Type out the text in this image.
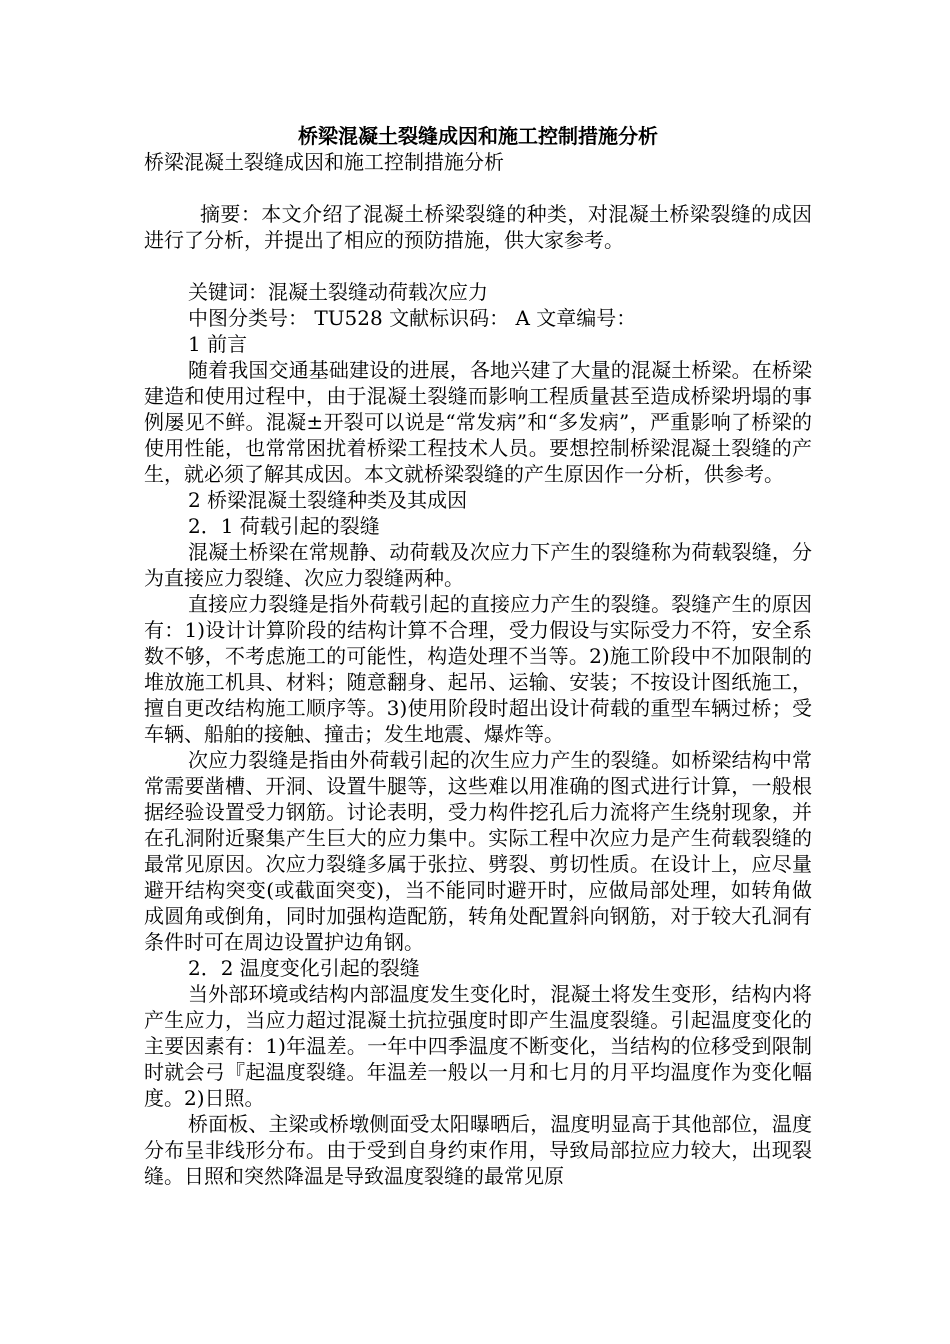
桥梁混凝土裂缝成因和施工控制措施分析
桥梁混凝土裂缝成因和施工控制措施分析

摘要：本文介绍了混凝土桥梁裂缝的种类，对混凝土桥梁裂缝的成因进行了分析，并提出了相应的预防措施，供大家参考。

关键词：混凝土裂缝动荷载次应力

中图分类号： TU528 文献标识码： A 文章编号：

1 前言

随着我国交通基础建设的进展，各地兴建了大量的混凝土桥梁。在桥梁建造和使用过程中，由于混凝土裂缝而影响工程质量甚至造成桥梁坍塌的事例屡见不鲜。混凝±开裂可以说是“常发病”和“多发病”，严重影响了桥梁的使用性能，也常常困扰着桥梁工程技术人员。要想控制桥梁混凝土裂缝的产生，就必须了解其成因。本文就桥梁裂缝的产生原因作一分析，供参考。

2 桥梁混凝土裂缝种类及其成因

2．1 荷载引起的裂缝

混凝土桥梁在常规静、动荷载及次应力下产生的裂缝称为荷载裂缝，分为直接应力裂缝、次应力裂缝两种。

直接应力裂缝是指外荷载引起的直接应力产生的裂缝。裂缝产生的原因有：1)设计计算阶段的结构计算不合理，受力假设与实际受力不符，安全系数不够，不考虑施工的可能性，构造处理不当等。2)施工阶段中不加限制的堆放施工机具、材料；随意翻身、起吊、运输、安装；不按设计图纸施工，擅自更改结构施工顺序等。3)使用阶段时超出设计荷载的重型车辆过桥；受车辆、船舶的接触、撞击；发生地震、爆炸等。

次应力裂缝是指由外荷载引起的次生应力产生的裂缝。如桥梁结构中常常需要凿槽、开洞、设置牛腿等，这些难以用准确的图式进行计算，一般根据经验设置受力钢筋。讨论表明，受力构件挖孔后力流将产生绕射现象，并在孔洞附近聚集产生巨大的应力集中。实际工程中次应力是产生荷载裂缝的最常见原因。次应力裂缝多属于张拉、劈裂、剪切性质。在设计上，应尽量避开结构突变(或截面突变)，当不能同时避开时，应做局部处理，如转角做成圆角或倒角，同时加强构造配筋，转角处配置斜向钢筋，对于较大孔洞有条件时可在周边设置护边角钢。

2．2 温度变化引起的裂缝

当外部环境或结构内部温度发生变化时，混凝土将发生变形，结构内将产生应力，当应力超过混凝土抗拉强度时即产生温度裂缝。引起温度变化的主要因素有：1)年温差。一年中四季温度不断变化，当结构的位移受到限制时就会弓『起温度裂缝。年温差一般以一月和七月的月平均温度作为变化幅度。2)日照。

桥面板、主梁或桥墩侧面受太阳曝晒后，温度明显高于其他部位，温度分布呈非线形分布。由于受到自身约束作用，导致局部拉应力较大，出现裂缝。日照和突然降温是导致温度裂缝的最常见原
